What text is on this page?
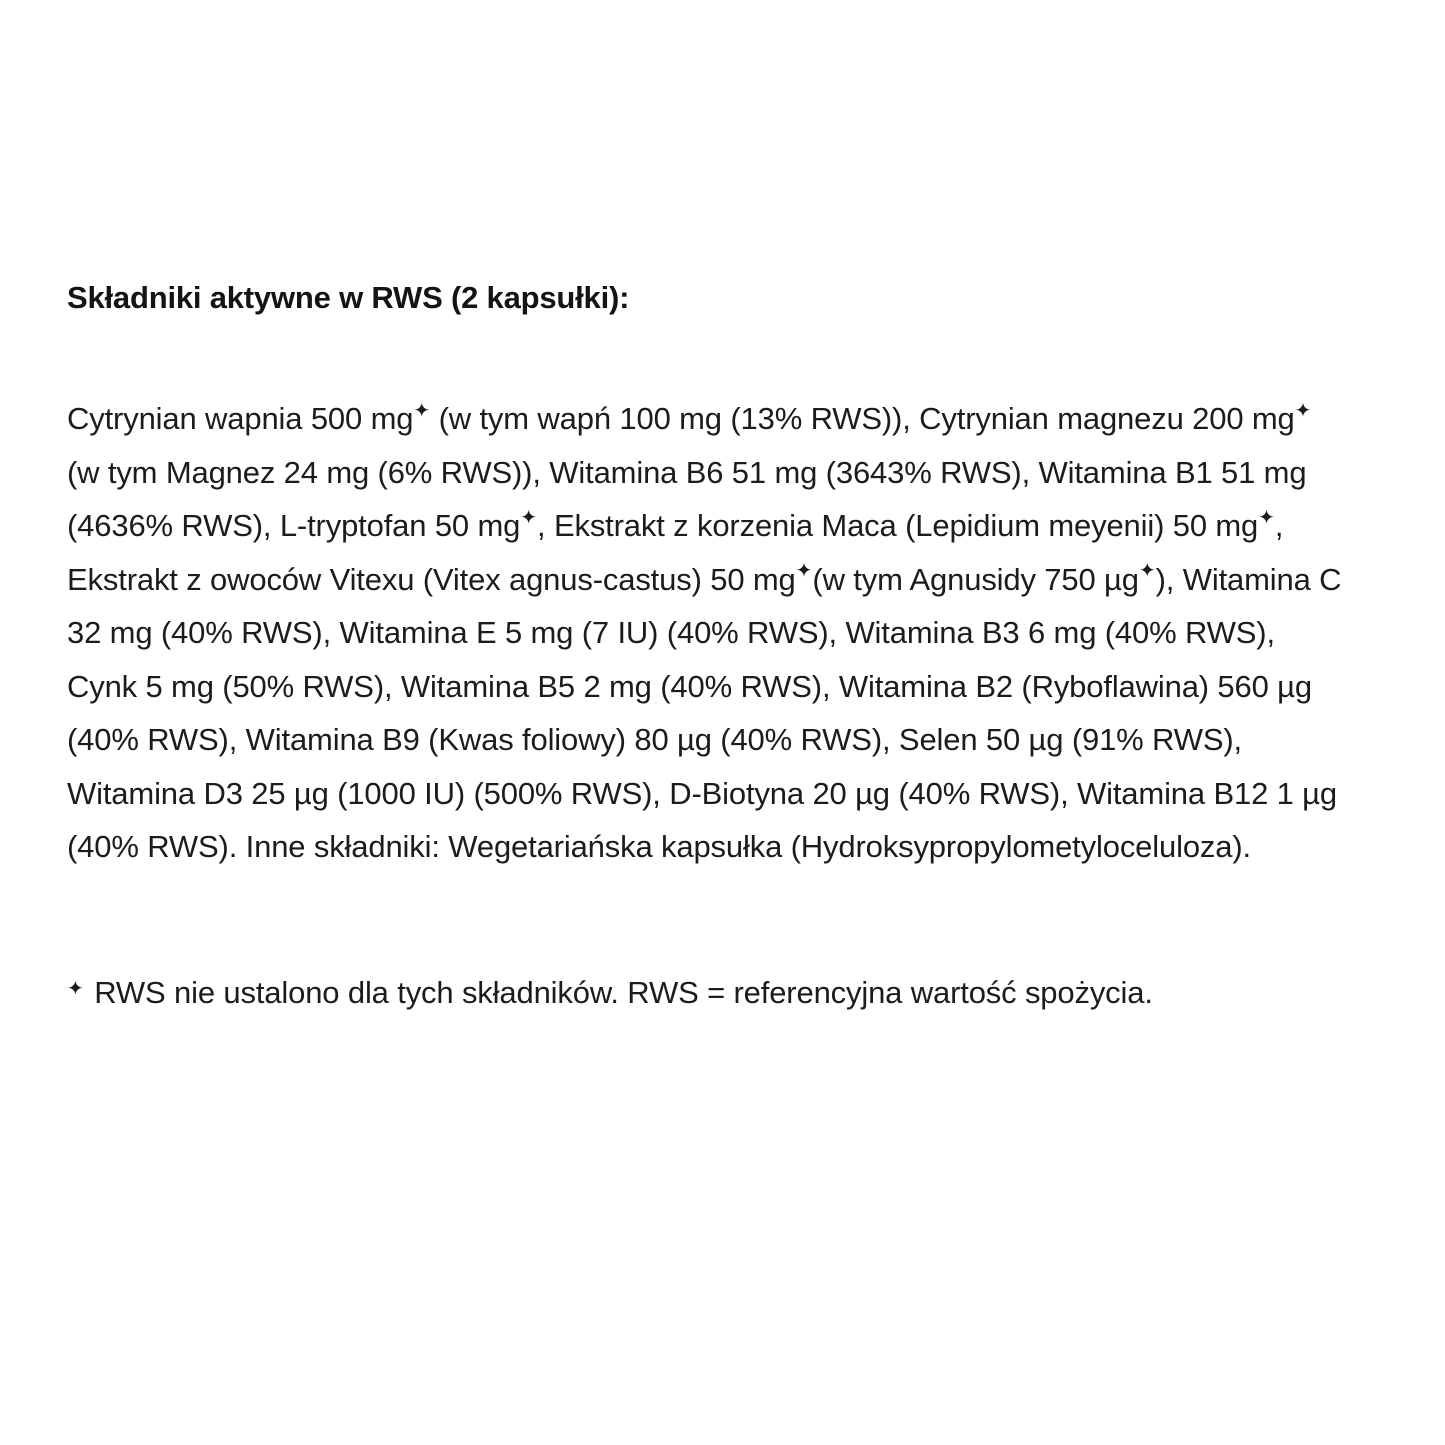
Składniki aktywne w RWS (2 kapsułki):

Cytrynian wapnia 500 mg✦ (w tym wapń 100 mg (13% RWS)), Cytrynian magnezu 200 mg✦ (w tym Magnez 24 mg (6% RWS)), Witamina B6 51 mg (3643% RWS), Witamina B1 51 mg (4636% RWS), L-tryptofan 50 mg✦, Ekstrakt z korzenia Maca (Lepidium meyenii) 50 mg✦, Ekstrakt z owoców Vitexu (Vitex agnus-castus) 50 mg✦(w tym Agnusidy 750 µg✦), Witamina C 32 mg (40% RWS), Witamina E 5 mg (7 IU) (40% RWS), Witamina B3 6 mg (40% RWS), Cynk 5 mg (50% RWS), Witamina B5 2 mg (40% RWS), Witamina B2 (Ryboflawina) 560 µg (40% RWS), Witamina B9 (Kwas foliowy) 80 µg (40% RWS), Selen 50 µg (91% RWS), Witamina D3 25 µg (1000 IU) (500% RWS), D-Biotyna 20 µg (40% RWS), Witamina B12 1 µg (40% RWS). Inne składniki: Wegetariańska kapsułka (Hydroksypropylometyloceluloza).

✦ RWS nie ustalono dla tych składników. RWS = referencyjna wartość spożycia.
